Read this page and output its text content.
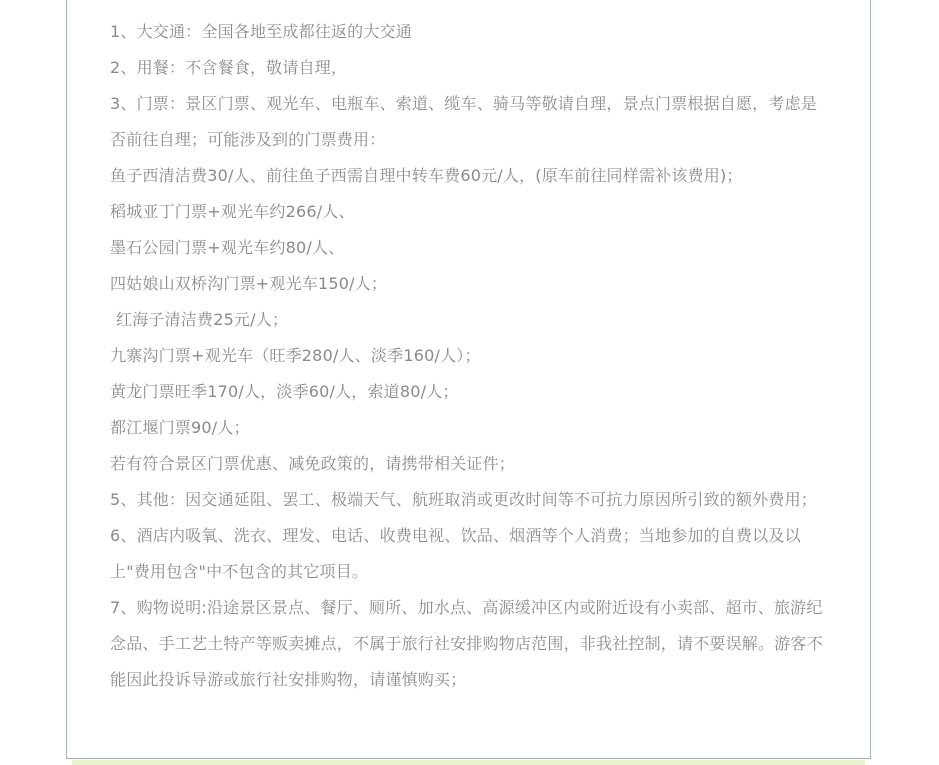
1、大交通：全国各地至成都往返的大交通

2、用餐：不含餐食，敬请自理，

3、门票：景区门票、观光车、电瓶车、索道、缆车、骑马等敬请自理，景点门票根据自愿，考虑是否前往自理；可能涉及到的门票费用：

鱼子西清洁费30/人、前往鱼子西需自理中转车费60元/人，(原车前往同样需补该费用)；

稻城亚丁门票+观光车约266/人、

墨石公园门票+观光车约80/人、

四姑娘山双桥沟门票+观光车150/人；

红海子清洁费25元/人；

九寨沟门票+观光车（旺季280/人、淡季160/人）；

黄龙门票旺季170/人，淡季60/人，索道80/人；

都江堰门票90/人；

若有符合景区门票优惠、减免政策的，请携带相关证件；

5、其他：因交通延阻、罢工、极端天气、航班取消或更改时间等不可抗力原因所引致的额外费用；

6、酒店内吸氧、洗衣、理发、电话、收费电视、饮品、烟酒等个人消费；当地参加的自费以及以上"费用包含"中不包含的其它项目。

7、购物说明:沿途景区景点、餐厅、厕所、加水点、高源缓冲区内或附近设有小卖部、超市、旅游纪念品、手工艺土特产等贩卖摊点，不属于旅行社安排购物店范围，非我社控制，请不要误解。游客不能因此投诉导游或旅行社安排购物，请谨慎购买；
